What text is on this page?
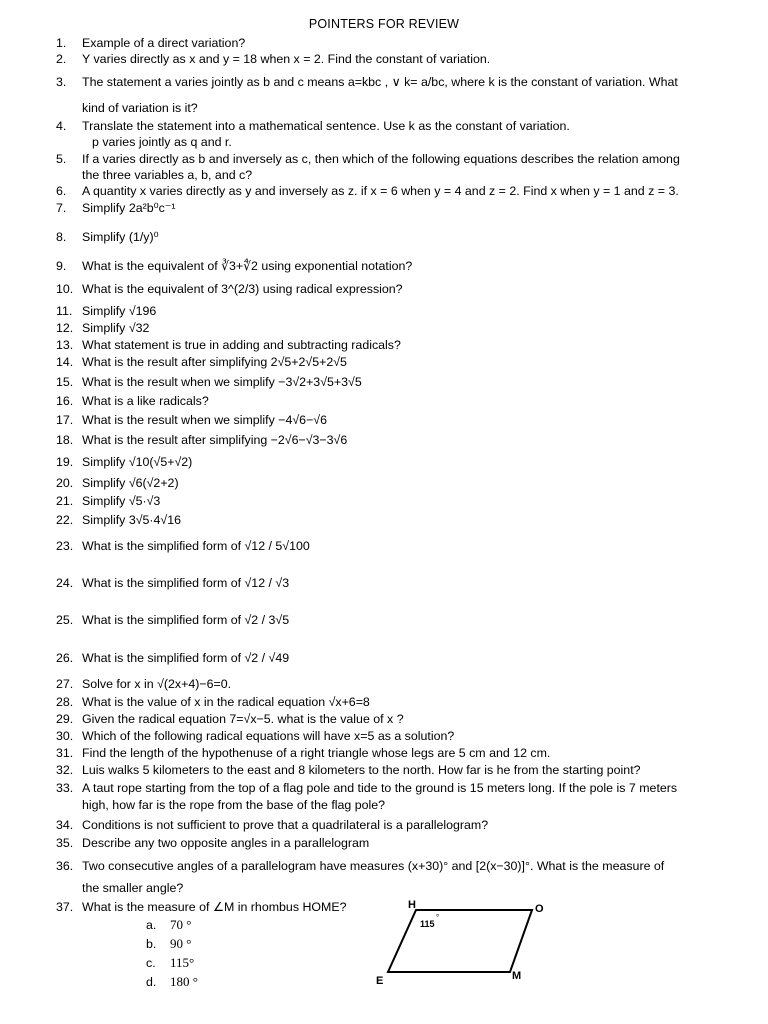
POINTERS FOR REVIEW
1. Example of a direct variation?
2. Y varies directly as x and y = 18 when x = 2. Find the constant of variation.
3. The statement a varies jointly as b and c means a=kbc , ∨ k= a/bc, where k is the constant of variation. What
kind of variation is it?
4. Translate the statement into a mathematical sentence. Use k as the constant of variation.
p varies jointly as q and r.
5. If a varies directly as b and inversely as c, then which of the following equations describes the relation among
the three variables a, b, and c?
6. A quantity x varies directly as y and inversely as z. if x = 6 when y = 4 and z = 2. Find x when y = 1 and z = 3.
7. Simplify 2a²b⁰c⁻¹
8. Simplify (1/y)⁰
9. What is the equivalent of ∛3+∜2 using exponential notation?
10. What is the equivalent of 3^(2/3) using radical expression?
11. Simplify √196
12. Simplify √32
13. What statement is true in adding and subtracting radicals?
14. What is the result after simplifying 2√5+2√5+2√5
15. What is the result when we simplify −3√2+3√5+3√5
16. What is a like radicals?
17. What is the result when we simplify −4√6−√6
18. What is the result after simplifying −2√6−√3−3√6
19. Simplify √10(√5+√2)
20. Simplify √6(√2+2)
21. Simplify √5·√3
22. Simplify 3√5·4√16
23. What is the simplified form of √12 / 5√100
24. What is the simplified form of √12 / √3
25. What is the simplified form of √2 / 3√5
26. What is the simplified form of √2 / √49
27. Solve for x in √(2x+4)−6=0.
28. What is the value of x in the radical equation √x+6=8
29. Given the radical equation 7=√x−5. what is the value of x ?
30. Which of the following radical equations will have x=5 as a solution?
31. Find the length of the hypothenuse of a right triangle whose legs are 5 cm and 12 cm.
32. Luis walks 5 kilometers to the east and 8 kilometers to the north. How far is he from the starting point?
33. A taut rope starting from the top of a flag pole and tide to the ground is 15 meters long. If the pole is 7 meters
high, how far is the rope from the base of the flag pole?
34. Conditions is not sufficient to prove that a quadrilateral is a parallelogram?
35. Describe any two opposite angles in a parallelogram
36. Two consecutive angles of a parallelogram have measures (x+30)° and [2(x−30)]°. What is the measure of
the smaller angle?
37. What is the measure of ∠M in rhombus HOME?
a. 70 °
b. 90 °
c. 115°
d. 180 °
H	O
M
E
115
°
